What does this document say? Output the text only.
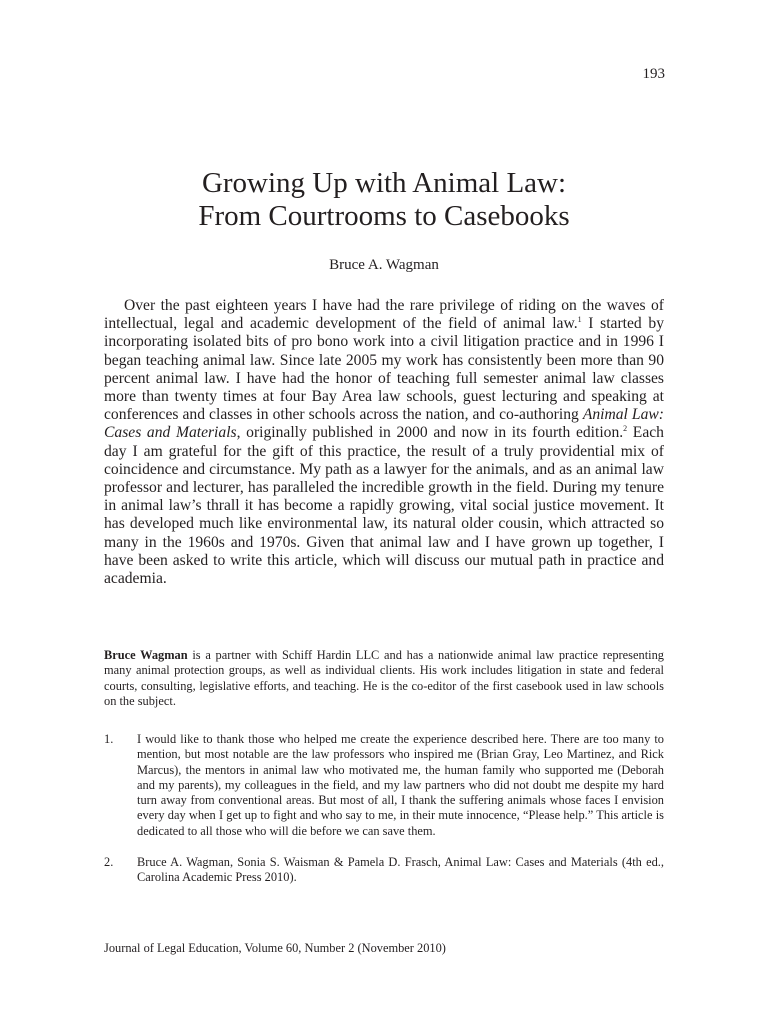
193
Growing Up with Animal Law:
From Courtrooms to Casebooks
Bruce A. Wagman

Over the past eighteen years I have had the rare privilege of riding on the waves of intellectual, legal and academic development of the field of animal law.$^1$ I started by incorporating isolated bits of pro bono work into a civil litigation practice and in 1996 I began teaching animal law. Since late 2005 my work has consistently been more than 90 percent animal law. I have had the honor of teaching full semester animal law classes more than twenty times at four Bay Area law schools, guest lecturing and speaking at conferences and classes in other schools across the nation, and co-authoring Animal Law: Cases and Materials, originally published in 2000 and now in its fourth edition.$^2$ Each day I am grateful for the gift of this practice, the result of a truly providential mix of coincidence and circumstance. My path as a lawyer for the animals, and as an animal law professor and lecturer, has paralleled the incredible growth in the field. During my tenure in animal law’s thrall it has become a rapidly growing, vital social justice movement. It has developed much like environmental law, its natural older cousin, which attracted so many in the 1960s and 1970s. Given that animal law and I have grown up together, I have been asked to write this article, which will discuss our mutual path in practice and academia.

Bruce Wagman is a partner with Schiff Hardin LLC and has a nationwide animal law practice representing many animal protection groups, as well as individual clients. His work includes litigation in state and federal courts, consulting, legislative efforts, and teaching. He is the co-editor of the first casebook used in law schools on the subject.

1. I would like to thank those who helped me create the experience described here. There are too many to mention, but most notable are the law professors who inspired me (Brian Gray, Leo Martinez, and Rick Marcus), the mentors in animal law who motivated me, the human family who supported me (Deborah and my parents), my colleagues in the field, and my law partners who did not doubt me despite my hard turn away from conventional areas. But most of all, I thank the suffering animals whose faces I envision every day when I get up to fight and who say to me, in their mute innocence, “Please help.” This article is dedicated to all those who will die before we can save them.
2. Bruce A. Wagman, Sonia S. Waisman & Pamela D. Frasch, Animal Law: Cases and Materials (4th ed., Carolina Academic Press 2010).
Journal of Legal Education, Volume 60, Number 2 (November 2010)
